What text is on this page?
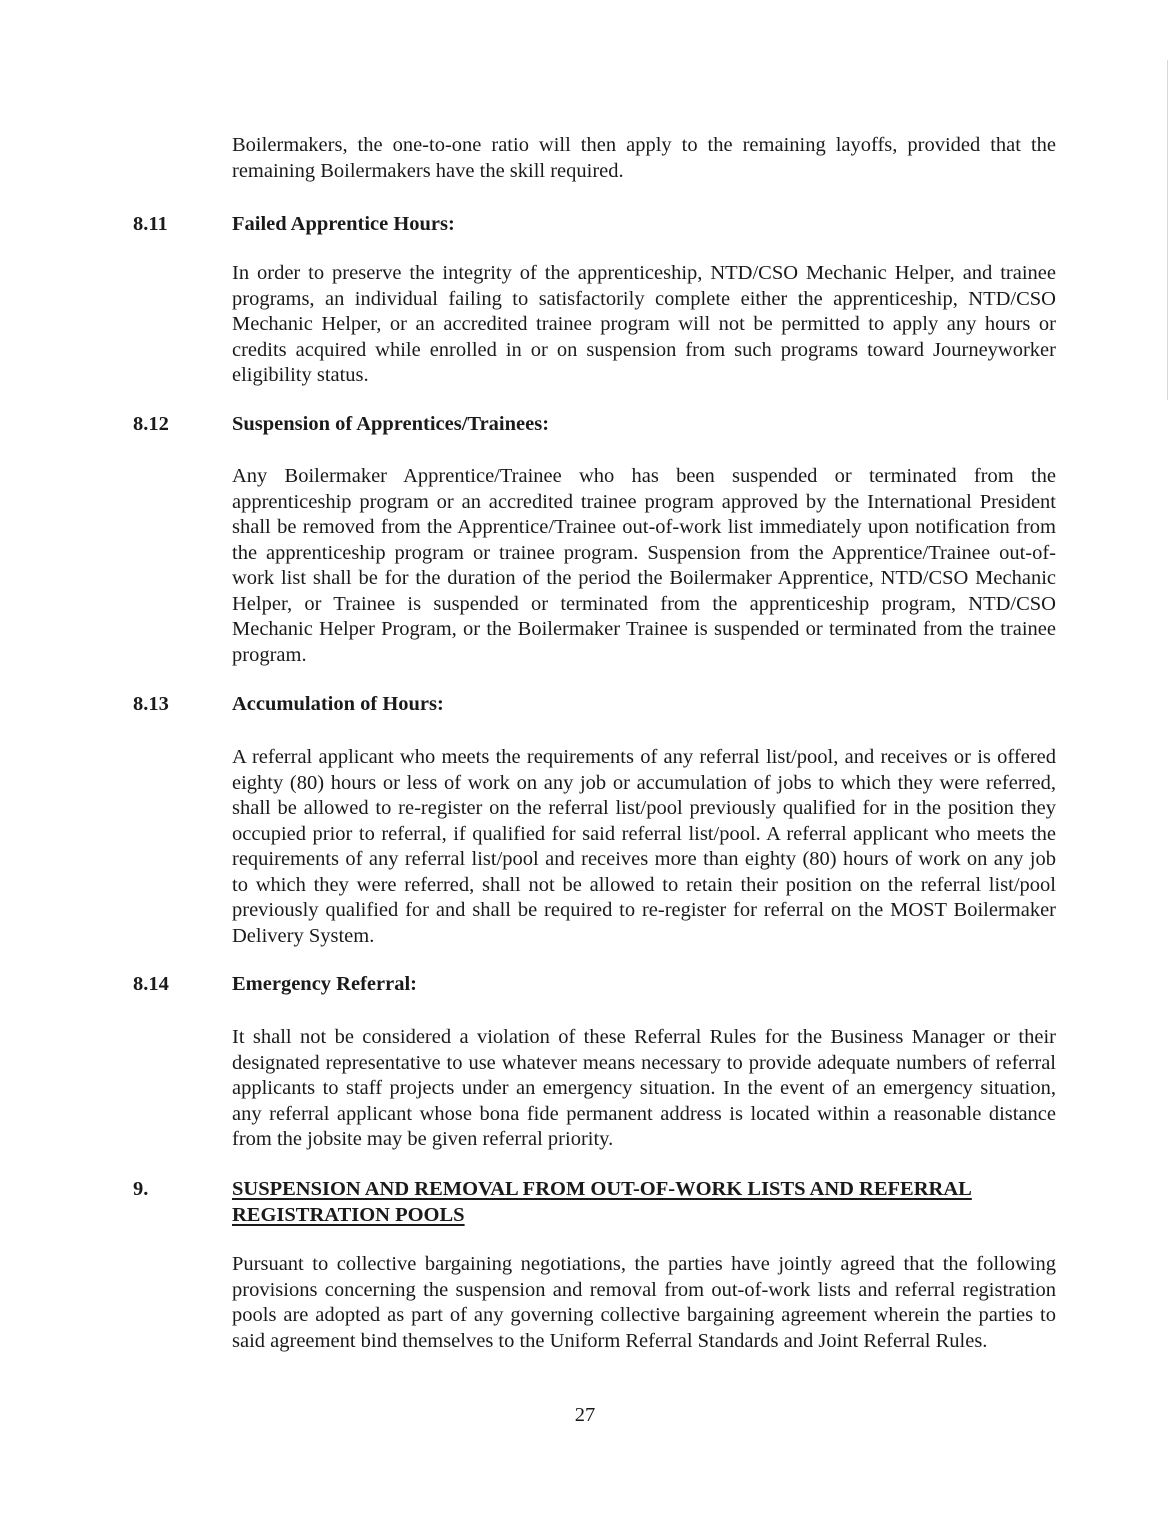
Boilermakers, the one-to-one ratio will then apply to the remaining layoffs, provided that the remaining Boilermakers have the skill required.

8.11	Failed Apprentice Hours:

In order to preserve the integrity of the apprenticeship, NTD/CSO Mechanic Helper, and trainee programs, an individual failing to satisfactorily complete either the apprenticeship, NTD/CSO Mechanic Helper, or an accredited trainee program will not be permitted to apply any hours or credits acquired while enrolled in or on suspension from such programs toward Journeyworker eligibility status.

8.12	Suspension of Apprentices/Trainees:

Any Boilermaker Apprentice/Trainee who has been suspended or terminated from the apprenticeship program or an accredited trainee program approved by the International President shall be removed from the Apprentice/Trainee out-of-work list immediately upon notification from the apprenticeship program or trainee program. Suspension from the Apprentice/Trainee out-of-work list shall be for the duration of the period the Boilermaker Apprentice, NTD/CSO Mechanic Helper, or Trainee is suspended or terminated from the apprenticeship program, NTD/CSO Mechanic Helper Program, or the Boilermaker Trainee is suspended or terminated from the trainee program.

8.13	Accumulation of Hours:

A referral applicant who meets the requirements of any referral list/pool, and receives or is offered eighty (80) hours or less of work on any job or accumulation of jobs to which they were referred, shall be allowed to re-register on the referral list/pool previously qualified for in the position they occupied prior to referral, if qualified for said referral list/pool. A referral applicant who meets the requirements of any referral list/pool and receives more than eighty (80) hours of work on any job to which they were referred, shall not be allowed to retain their position on the referral list/pool previously qualified for and shall be required to re-register for referral on the MOST Boilermaker Delivery System.

8.14	Emergency Referral:

It shall not be considered a violation of these Referral Rules for the Business Manager or their designated representative to use whatever means necessary to provide adequate numbers of referral applicants to staff projects under an emergency situation. In the event of an emergency situation, any referral applicant whose bona fide permanent address is located within a reasonable distance from the jobsite may be given referral priority.

9.	SUSPENSION AND REMOVAL FROM OUT-OF-WORK LISTS AND REFERRAL REGISTRATION POOLS

Pursuant to collective bargaining negotiations, the parties have jointly agreed that the following provisions concerning the suspension and removal from out-of-work lists and referral registration pools are adopted as part of any governing collective bargaining agreement wherein the parties to said agreement bind themselves to the Uniform Referral Standards and Joint Referral Rules.

27
